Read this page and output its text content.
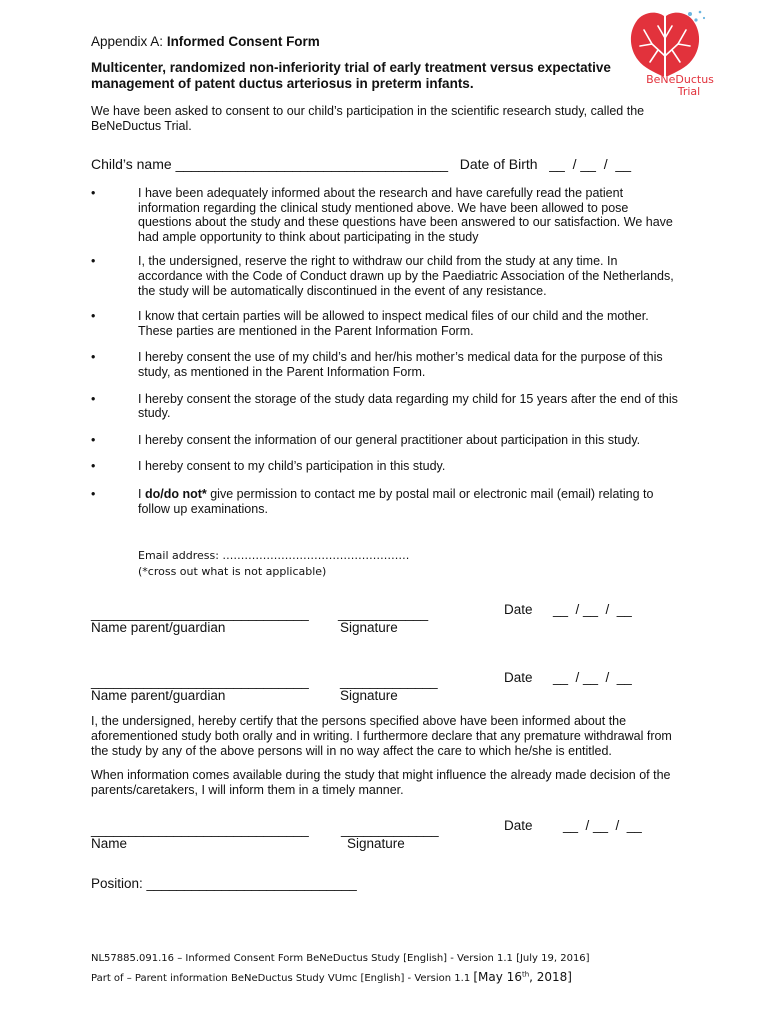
Appendix A: Informed Consent Form
BeNeDuctus
Trial
Multicenter, randomized non-inferiority trial of early treatment versus expectative management of patent ductus arteriosus in preterm infants.
We have been asked to consent to our child’s participation in the scientific research study, called the BeNeDuctus Trial.
Child’s name ___________________________________ Date of Birth __  / __  /  __
•	I have been adequately informed about the research and have carefully read the patient information regarding the clinical study mentioned above. We have been allowed to pose questions about the study and these questions have been answered to our satisfaction. We have had ample opportunity to think about participating in the study
•	I, the undersigned, reserve the right to withdraw our child from the study at any time. In accordance with the Code of Conduct drawn up by the Paediatric Association of the Netherlands, the study will be automatically discontinued in the event of any resistance.
•	I know that certain parties will be allowed to inspect medical files of our child and the mother. These parties are mentioned in the Parent Information Form.
•	I hereby consent the use of my child’s and her/his mother’s medical data for the purpose of this study, as mentioned in the Parent Information Form.
•	I hereby consent the storage of the study data regarding my child for 15 years after the end of this study.
•	I hereby consent the information of our general practitioner about participation in this study.
•	I hereby consent to my child’s participation in this study.
•	I do/do not* give permission to contact me by postal mail or electronic mail (email) relating to follow up examinations.
Email address: ……………………………………………
(*cross out what is not applicable)
_____________________________
Name parent/guardian
____________
Signature
Date __  / __  /  __
_____________________________
Name parent/guardian
_____________
Signature
Date __  / __  /  __

I, the undersigned, hereby certify that the persons specified above have been informed about the aforementioned study both orally and in writing. I furthermore declare that any premature withdrawal from the study by any of the above persons will in no way affect the care to which he/she is entitled.

When information comes available during the study that might influence the already made decision of the parents/caretakers, I will inform them in a timely manner.

_____________________________
Name
_____________
Signature
Date __  / __  /  __
Position: ____________________________
NL57885.091.16 – Informed Consent Form BeNeDuctus Study [English] - Version 1.1 [July 19, 2016]
Part of – Parent information BeNeDuctus Study VUmc [English] - Version 1.1 [May 16th, 2018]
